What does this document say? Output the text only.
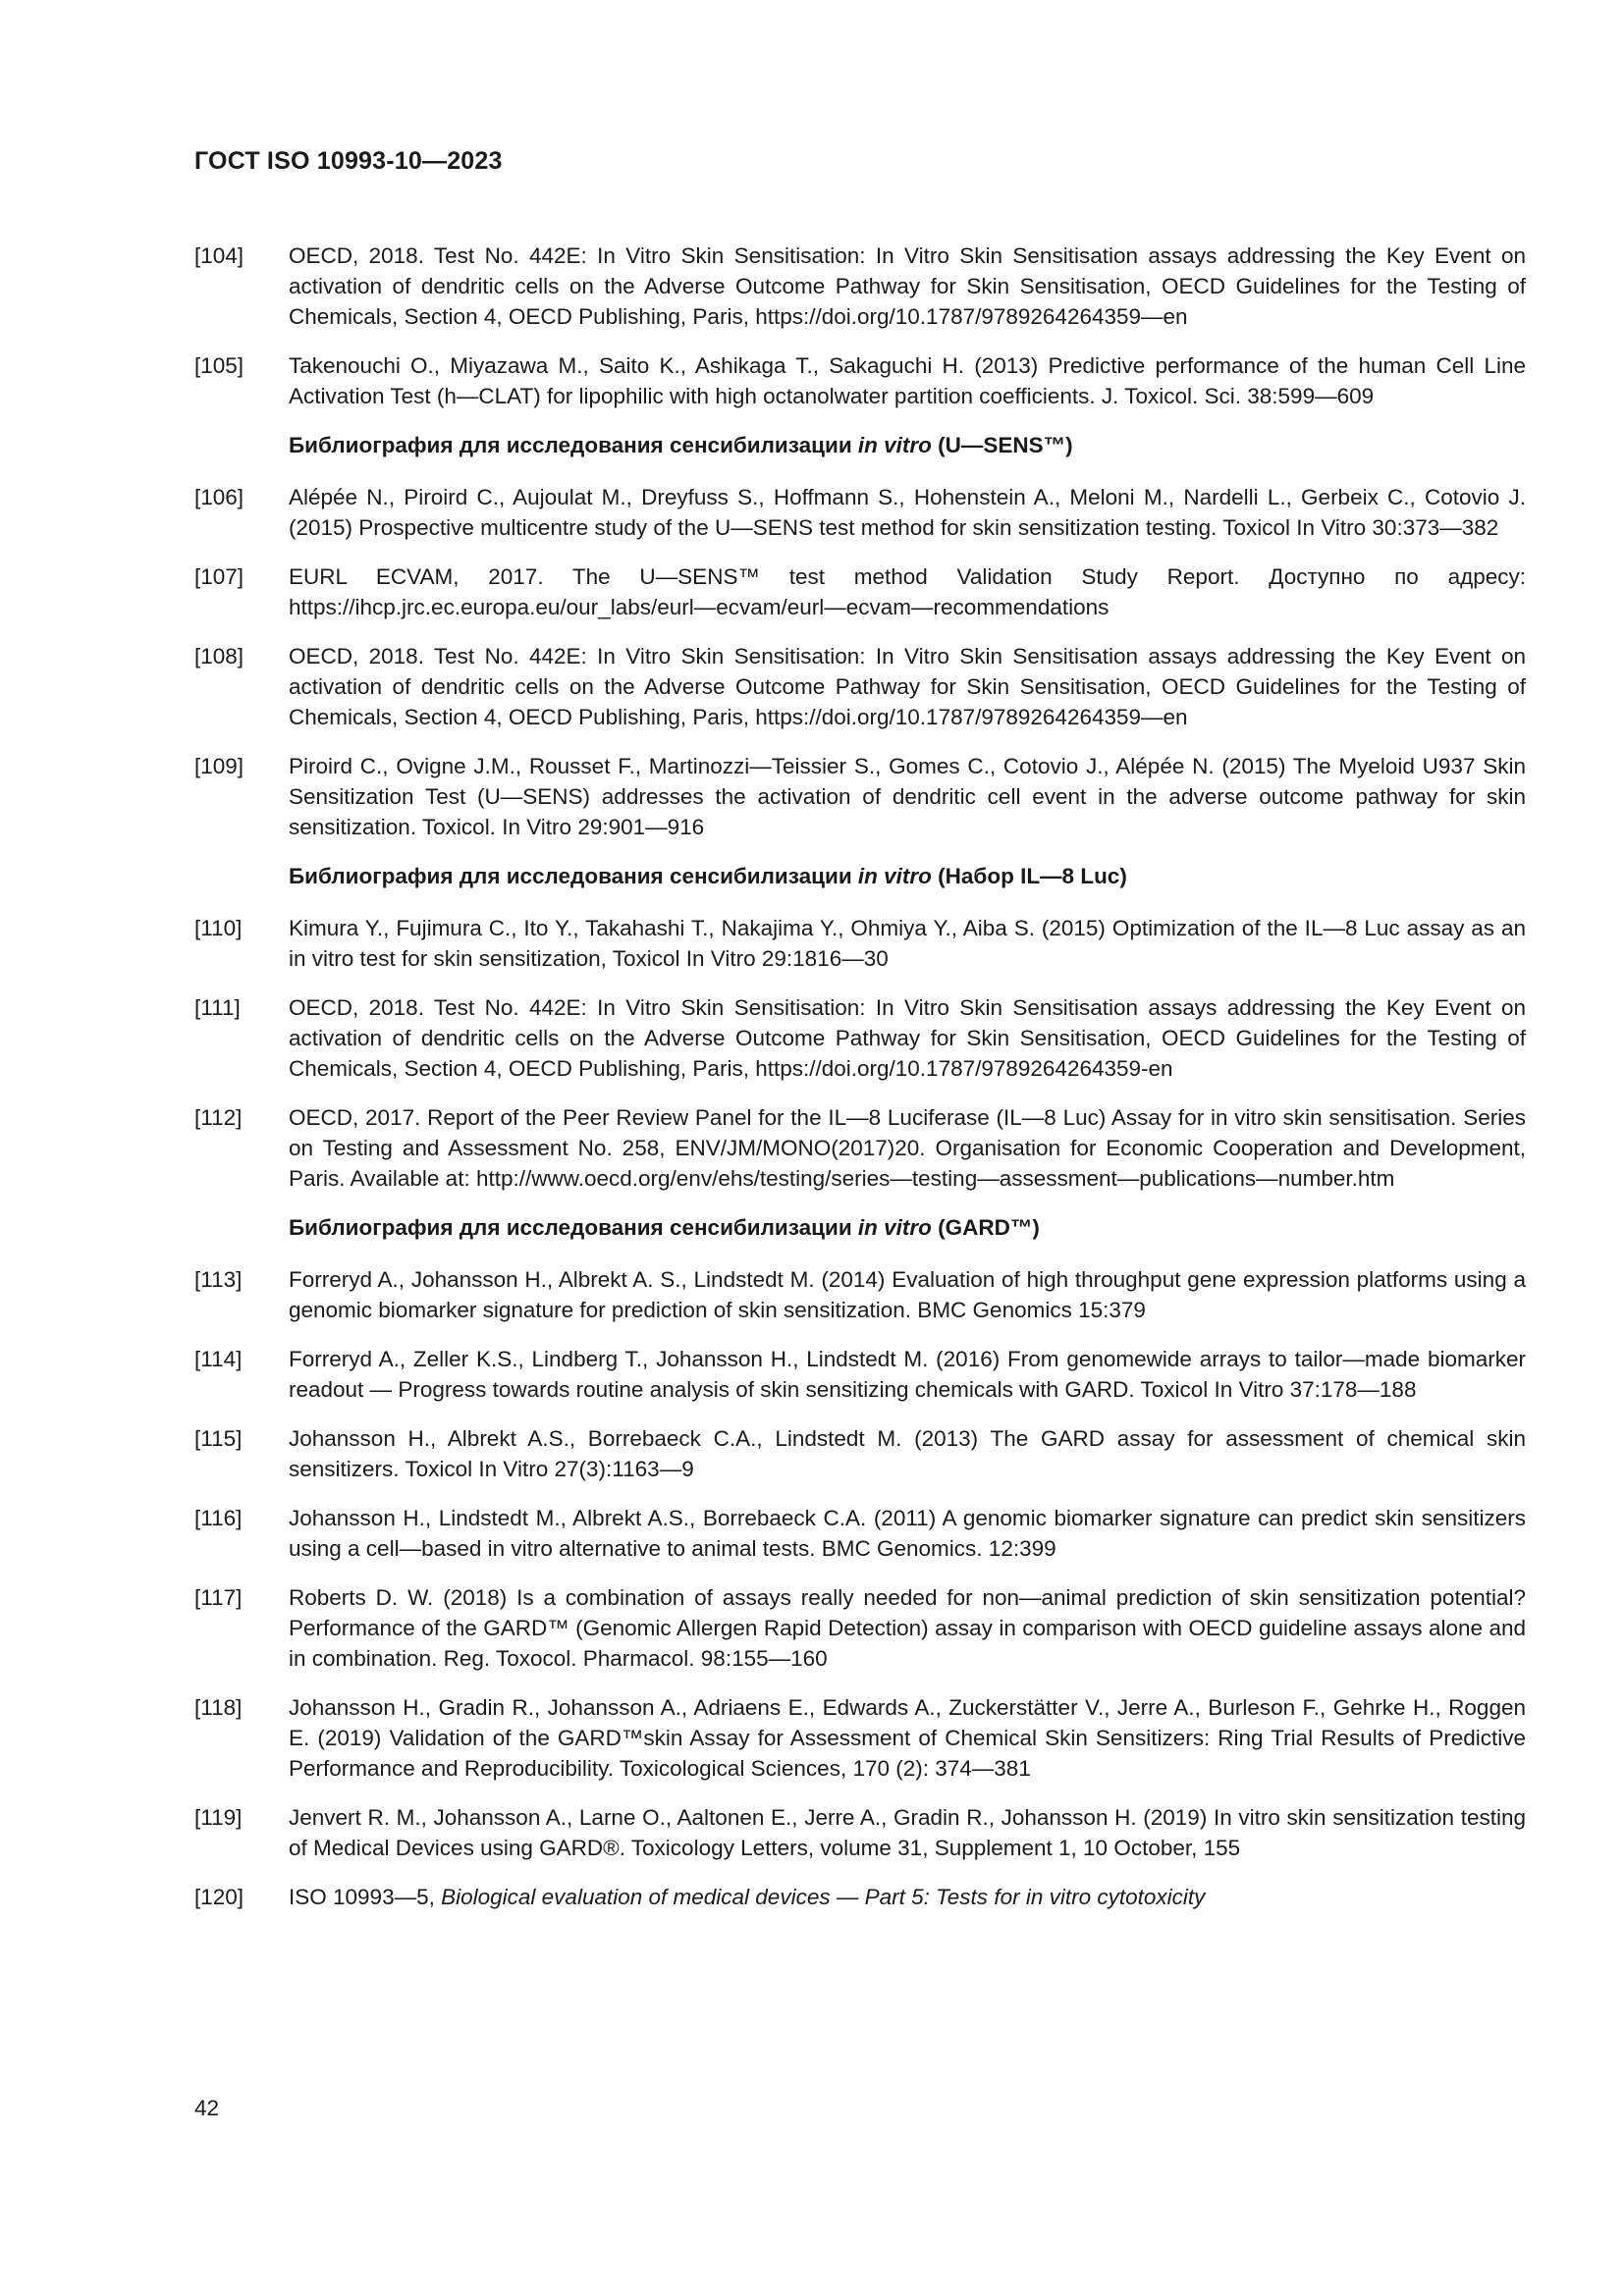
ГОСТ ISO 10993-10—2023
[104]	OECD, 2018. Test No. 442E: In Vitro Skin Sensitisation: In Vitro Skin Sensitisation assays addressing the Key Event on activation of dendritic cells on the Adverse Outcome Pathway for Skin Sensitisation, OECD Guidelines for the Testing of Chemicals, Section 4, OECD Publishing, Paris, https://doi.org/10.1787/9789264264359—en
[105]	Takenouchi O., Miyazawa M., Saito K., Ashikaga T., Sakaguchi H. (2013) Predictive performance of the human Cell Line Activation Test (h—CLAT) for lipophilic with high octanolwater partition coefficients. J. Toxicol. Sci. 38:599—609
Библиография для исследования сенсибилизации in vitro (U—SENS™)
[106]	Alépée N., Piroird C., Aujoulat M., Dreyfuss S., Hoffmann S., Hohenstein A., Meloni M., Nardelli L., Gerbeix C., Cotovio J. (2015) Prospective multicentre study of the U—SENS test method for skin sensitization testing. Toxicol In Vitro 30:373—382
[107]	EURL ECVAM, 2017. The U—SENS™ test method Validation Study Report. Доступно по адресу: https://ihcp.jrc.ec.europa.eu/our_labs/eurl—ecvam/eurl—ecvam—recommendations
[108]	OECD, 2018. Test No. 442E: In Vitro Skin Sensitisation: In Vitro Skin Sensitisation assays addressing the Key Event on activation of dendritic cells on the Adverse Outcome Pathway for Skin Sensitisation, OECD Guidelines for the Testing of Chemicals, Section 4, OECD Publishing, Paris, https://doi.org/10.1787/9789264264359—en
[109]	Piroird C., Ovigne J.M., Rousset F., Martinozzi—Teissier S., Gomes C., Cotovio J., Alépée N. (2015) The Myeloid U937 Skin Sensitization Test (U—SENS) addresses the activation of dendritic cell event in the adverse outcome pathway for skin sensitization. Toxicol. In Vitro 29:901—916
Библиография для исследования сенсибилизации in vitro (Набор IL—8 Luc)
[110]	Kimura Y., Fujimura C., Ito Y., Takahashi T., Nakajima Y., Ohmiya Y., Aiba S. (2015) Optimization of the IL—8 Luc assay as an in vitro test for skin sensitization, Toxicol In Vitro 29:1816—30
[111]	OECD, 2018. Test No. 442E: In Vitro Skin Sensitisation: In Vitro Skin Sensitisation assays addressing the Key Event on activation of dendritic cells on the Adverse Outcome Pathway for Skin Sensitisation, OECD Guidelines for the Testing of Chemicals, Section 4, OECD Publishing, Paris, https://doi.org/10.1787/9789264264359-en
[112]	OECD, 2017. Report of the Peer Review Panel for the IL—8 Luciferase (IL—8 Luc) Assay for in vitro skin sensitisation. Series on Testing and Assessment No. 258, ENV/JM/MONO(2017)20. Organisation for Economic Cooperation and Development, Paris. Available at: http://www.oecd.org/env/ehs/testing/series—testing—assessment—publications—number.htm
Библиография для исследования сенсибилизации in vitro (GARD™)
[113]	Forreryd A., Johansson H., Albrekt A. S., Lindstedt M. (2014) Evaluation of high throughput gene expression platforms using a genomic biomarker signature for prediction of skin sensitization. BMC Genomics 15:379
[114]	Forreryd A., Zeller K.S., Lindberg T., Johansson H., Lindstedt M. (2016) From genomewide arrays to tailor—made biomarker readout — Progress towards routine analysis of skin sensitizing chemicals with GARD. Toxicol In Vitro 37:178—188
[115]	Johansson H., Albrekt A.S., Borrebaeck C.A., Lindstedt M. (2013) The GARD assay for assessment of chemical skin sensitizers. Toxicol In Vitro 27(3):1163—9
[116]	Johansson H., Lindstedt M., Albrekt A.S., Borrebaeck C.A. (2011) A genomic biomarker signature can predict skin sensitizers using a cell—based in vitro alternative to animal tests. BMC Genomics. 12:399
[117]	Roberts D. W. (2018) Is a combination of assays really needed for non—animal prediction of skin sensitization potential? Performance of the GARD™ (Genomic Allergen Rapid Detection) assay in comparison with OECD guideline assays alone and in combination. Reg. Toxocol. Pharmacol. 98:155—160
[118]	Johansson H., Gradin R., Johansson A., Adriaens E., Edwards A., Zuckerstätter V., Jerre A., Burleson F., Gehrke H., Roggen E. (2019) Validation of the GARD™skin Assay for Assessment of Chemical Skin Sensitizers: Ring Trial Results of Predictive Performance and Reproducibility. Toxicological Sciences, 170 (2): 374—381
[119]	Jenvert R. M., Johansson A., Larne O., Aaltonen E., Jerre A., Gradin R., Johansson H. (2019) In vitro skin sensitization testing of Medical Devices using GARD®. Toxicology Letters, volume 31, Supplement 1, 10 October, 155
[120]	ISO 10993—5, Biological evaluation of medical devices — Part 5: Tests for in vitro cytotoxicity
42
